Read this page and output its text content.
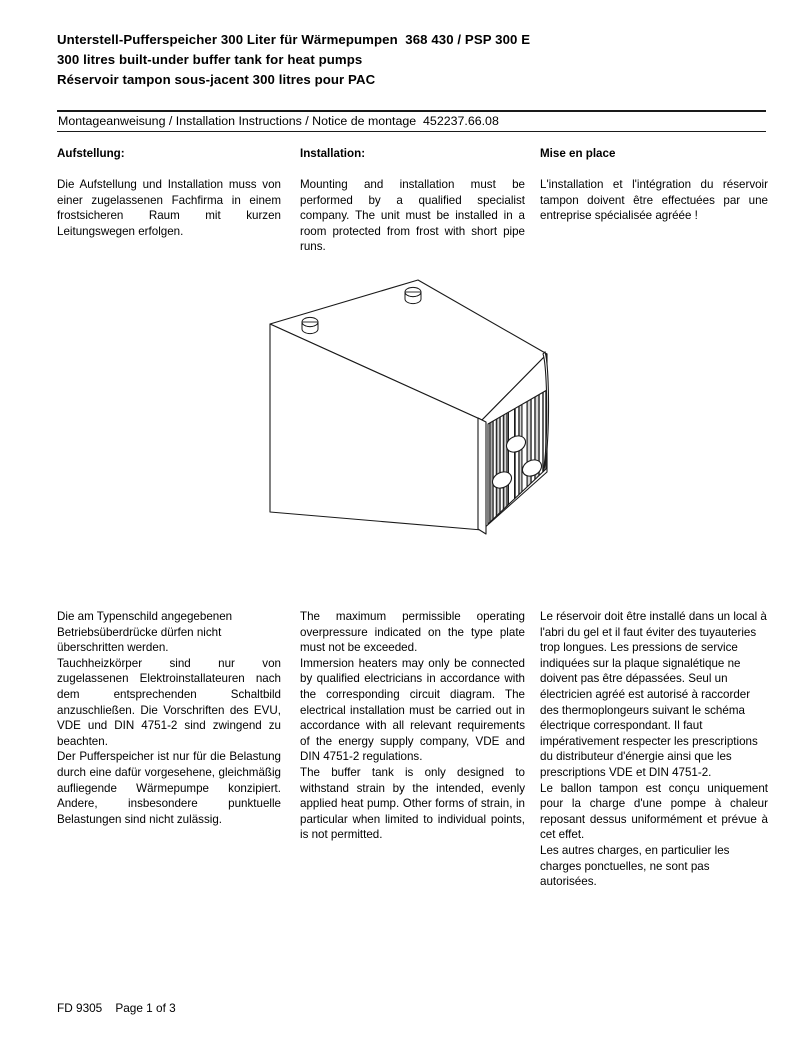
Unterstell-Pufferspeicher 300 Liter für Wärmepumpen  368 430 / PSP 300 E
300 litres built-under buffer tank for heat pumps
Réservoir tampon sous-jacent 300 litres pour PAC
Montageanweisung / Installation Instructions / Notice de montage  452237.66.08
Aufstellung:	Installation:	Mise en place

Die Aufstellung und Installation muss von einer zugelassenen Fachfirma in einem frostsicheren Raum mit kurzen Leitungswegen erfolgen.

Mounting and installation must be performed by a qualified specialist company. The unit must be installed in a room protected from frost with short pipe runs.

L'installation et l'intégration du réservoir tampon doivent être effectuées par une entreprise spécialisée agréée !

Die am Typenschild angegebenen Betriebsüberdrücke dürfen nicht überschritten werden.

Tauchheizkörper sind nur von zugelassenen Elektroinstallateuren nach dem entsprechenden Schaltbild anzuschließen. Die Vorschriften des EVU, VDE und DIN 4751-2 sind zwingend zu beachten.

Der Pufferspeicher ist nur für die Belastung durch eine dafür vorgesehene, gleichmäßig aufliegende Wärmepumpe konzipiert. Andere, insbesondere punktuelle Belastungen sind nicht zulässig.

The maximum permissible operating overpressure indicated on the type plate must not be exceeded.

Immersion heaters may only be connected by qualified electricians in accordance with the corresponding circuit diagram. The electrical installation must be carried out in accordance with all relevant requirements of the energy supply company, VDE and DIN 4751-2 regulations.

The buffer tank is only designed to withstand strain by the intended, evenly applied heat pump. Other forms of strain, in particular when limited to individual points, is not permitted.

Le réservoir doit être installé dans un local à l'abri du gel et il faut éviter des tuyauteries trop longues. Les pressions de service indiquées sur la plaque signalétique ne doivent pas être dépassées. Seul un électricien agréé est autorisé à raccorder des thermoplongeurs suivant le schéma électrique correspondant. Il faut impérativement respecter les prescriptions du distributeur d'énergie ainsi que les prescriptions VDE et DIN 4751-2.

Le ballon tampon est conçu uniquement pour la charge d'une pompe à chaleur reposant dessus uniformément et prévue à cet effet.

Les autres charges, en particulier les charges ponctuelles, ne sont pas autorisées.

FD 9305    Page 1 of 3
